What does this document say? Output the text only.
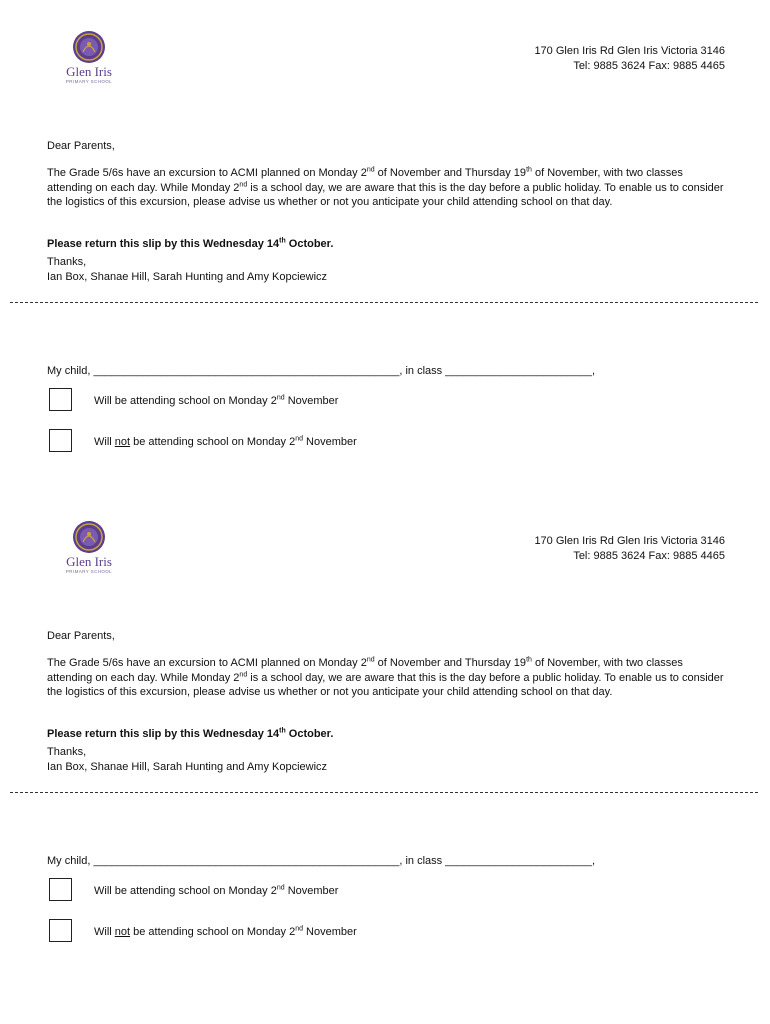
Glen Iris
PRIMARY SCHOOL
170 Glen Iris Rd Glen Iris Victoria 3146
Tel: 9885 3624 Fax: 9885 4465

Dear Parents,

The Grade 5/6s have an excursion to ACMI planned on Monday 2nd of November and Thursday 19th of November, with two classes attending on each day. While Monday 2nd is a school day, we are aware that this is the day before a public holiday. To enable us to consider the logistics of this excursion, please advise us whether or not you anticipate your child attending school on that day.

Please return this slip by this Wednesday 14th October.

Thanks,
Ian Box, Shanae Hill, Sarah Hunting and Amy Kopciewicz

My child, __________________________________________________, in class ________________________,

Will be attending school on Monday 2nd November
Will not be attending school on Monday 2nd November
Glen Iris
PRIMARY SCHOOL
170 Glen Iris Rd Glen Iris Victoria 3146
Tel: 9885 3624 Fax: 9885 4465

Dear Parents,

The Grade 5/6s have an excursion to ACMI planned on Monday 2nd of November and Thursday 19th of November, with two classes attending on each day. While Monday 2nd is a school day, we are aware that this is the day before a public holiday. To enable us to consider the logistics of this excursion, please advise us whether or not you anticipate your child attending school on that day.

Please return this slip by this Wednesday 14th October.

Thanks,
Ian Box, Shanae Hill, Sarah Hunting and Amy Kopciewicz

My child, __________________________________________________, in class ________________________,

Will be attending school on Monday 2nd November
Will not be attending school on Monday 2nd November
